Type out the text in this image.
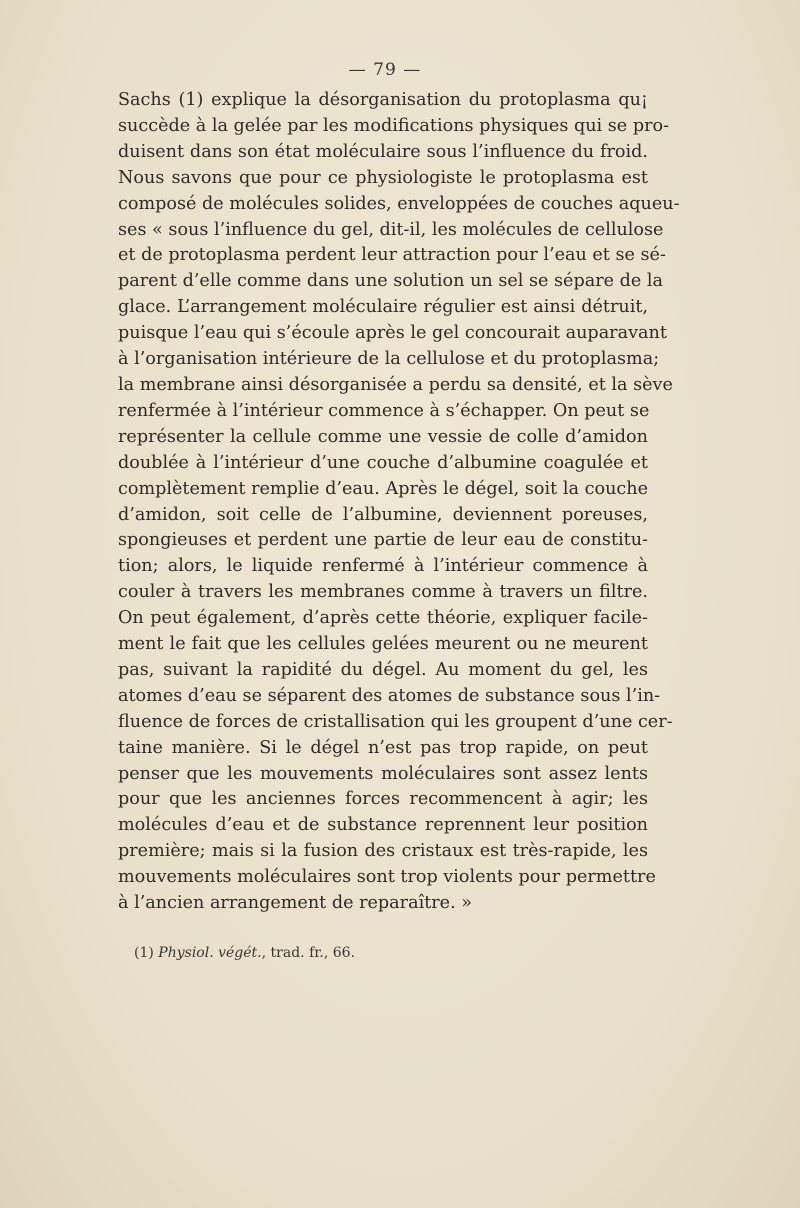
— 79 —
Sachs (1) explique la désorganisation du protoplasma qu¡
succède à la gelée par les modifications physiques qui se pro-
duisent dans son état moléculaire sous l’influence du froid.
Nous savons que pour ce physiologiste le protoplasma est
composé de molécules solides, enveloppées de couches aqueu-
ses « sous l’influence du gel, dit-il, les molécules de cellulose
et de protoplasma perdent leur attraction pour l’eau et se sé-
parent d’elle comme dans une solution un sel se sépare de la
glace. L’arrangement moléculaire régulier est ainsi détruit,
puisque l’eau qui s’écoule après le gel concourait auparavant
à l’organisation intérieure de la cellulose et du protoplasma;
la membrane ainsi désorganisée a perdu sa densité, et la sève
renfermée à l’intérieur commence à s’échapper. On peut se
représenter la cellule comme une vessie de colle d’amidon
doublée à l’intérieur d’une couche d’albumine coagulée et
complètement remplie d’eau. Après le dégel, soit la couche
d’amidon, soit celle de l’albumine, deviennent poreuses,
spongieuses et perdent une partie de leur eau de constitu-
tion; alors, le liquide renfermé à l’intérieur commence à
couler à travers les membranes comme à travers un filtre.
On peut également, d’après cette théorie, expliquer facile-
ment le fait que les cellules gelées meurent ou ne meurent
pas, suivant la rapidité du dégel. Au moment du gel, les
atomes d’eau se séparent des atomes de substance sous l’in-
fluence de forces de cristallisation qui les groupent d’une cer-
taine manière. Si le dégel n’est pas trop rapide, on peut
penser que les mouvements moléculaires sont assez lents
pour que les anciennes forces recommencent à agir; les
molécules d’eau et de substance reprennent leur position
première; mais si la fusion des cristaux est très-rapide, les
mouvements moléculaires sont trop violents pour permettre
à l’ancien arrangement de reparaître. »
(1) Physiol. végét., trad. fr., 66.
